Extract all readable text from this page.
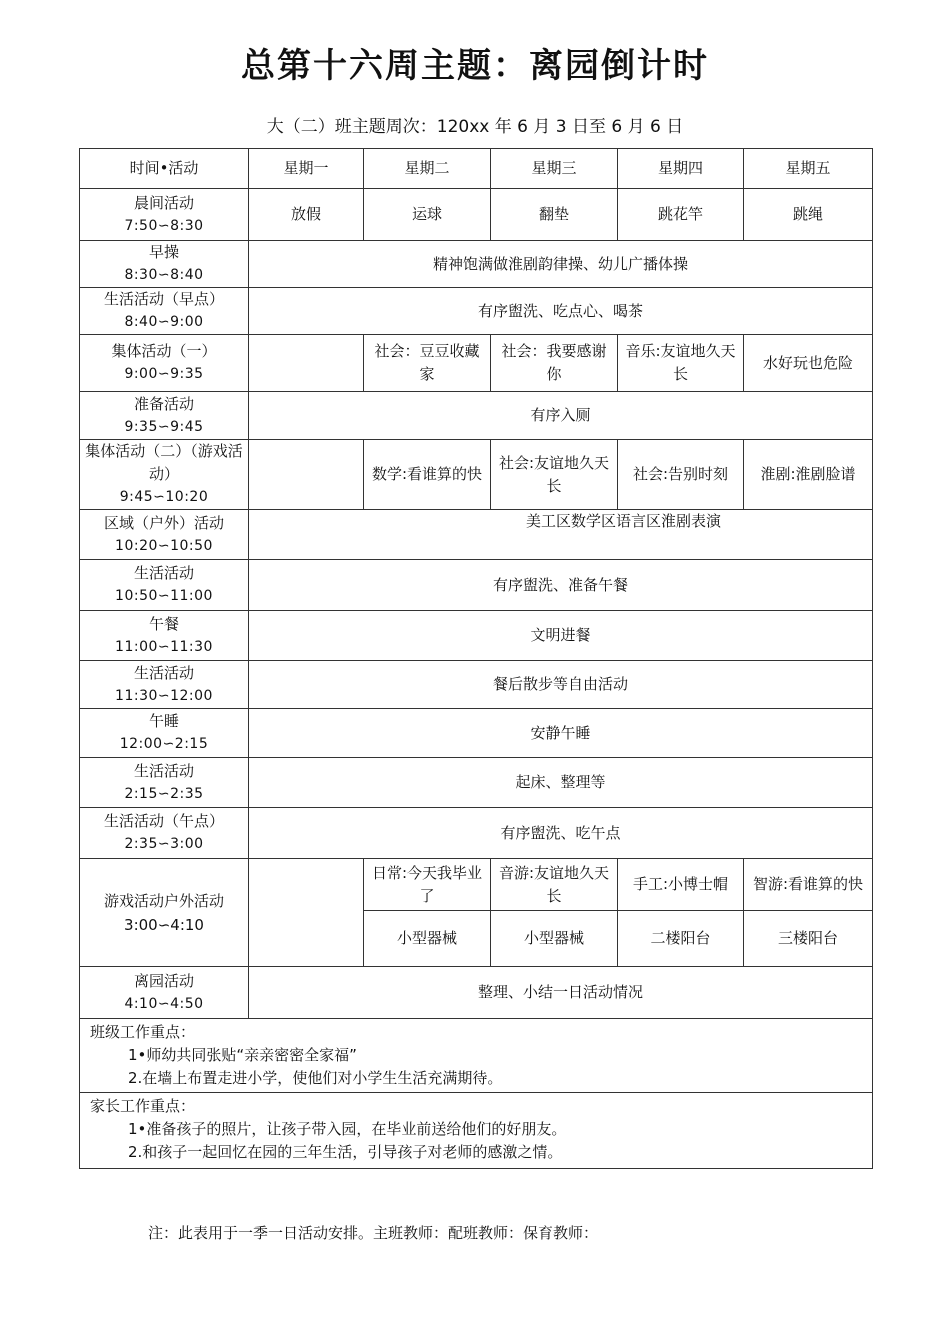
总第十六周主题：离园倒计时
大（二）班主题周次：120xx 年 6 月 3 日至 6 月 6 日
时间•活动	星期一	星期二	星期三	星期四	星期五

晨间活动
7:50∽8:30	放假	运球	翻垫	跳花竿	跳绳

早操
8:30∽8:40	精神饱满做淮剧韵律操、幼儿广播体操				

生活活动（早点）
8:40∽9:00	有序盥洗、吃点心、喝茶				

集体活动（一）
9:00∽9:35		社会：豆豆收藏家	社会：我要感谢你	音乐:友谊地久天长	水好玩也危险

准备活动
9:35∽9:45	有序入厕				

集体活动（二）（游戏活动）
9:45∽10:20		数学:看谁算的快	社会:友谊地久天长	社会:告别时刻	淮剧:淮剧脸谱

区域（户外）活动
10:20∽10:50	美工区数学区语言区淮剧表演				

生活活动
10:50∽11:00	有序盥洗、准备午餐				

午餐
11:00∽11:30	文明进餐				

生活活动
11:30∽12:00	餐后散步等自由活动				

午睡
12:00∽2:15	安静午睡				

生活活动
2:15∽2:35	起床、整理等				

生活活动（午点）
2:35∽3:00	有序盥洗、吃午点				
游戏活动户外活动 3:00∽4:10		日常:今天我毕业了	音游:友谊地久天长	手工:小博士帽	智游:看谁算的快
		小型器械	小型器械	二楼阳台	三楼阳台

离园活动
4:10∽4:50	整理、小结一日活动情况				

班级工作重点：
1•师幼共同张贴“亲亲密密全家福”
2.在墙上布置走进小学，使他们对小学生生活充满期待。					

家长工作重点：
1•准备孩子的照片，让孩子带入园，在毕业前送给他们的好朋友。
2.和孩子一起回忆在园的三年生活，引导孩子对老师的感激之情。					
注：此表用于一季一日活动安排。主班教师：配班教师：保育教师：
